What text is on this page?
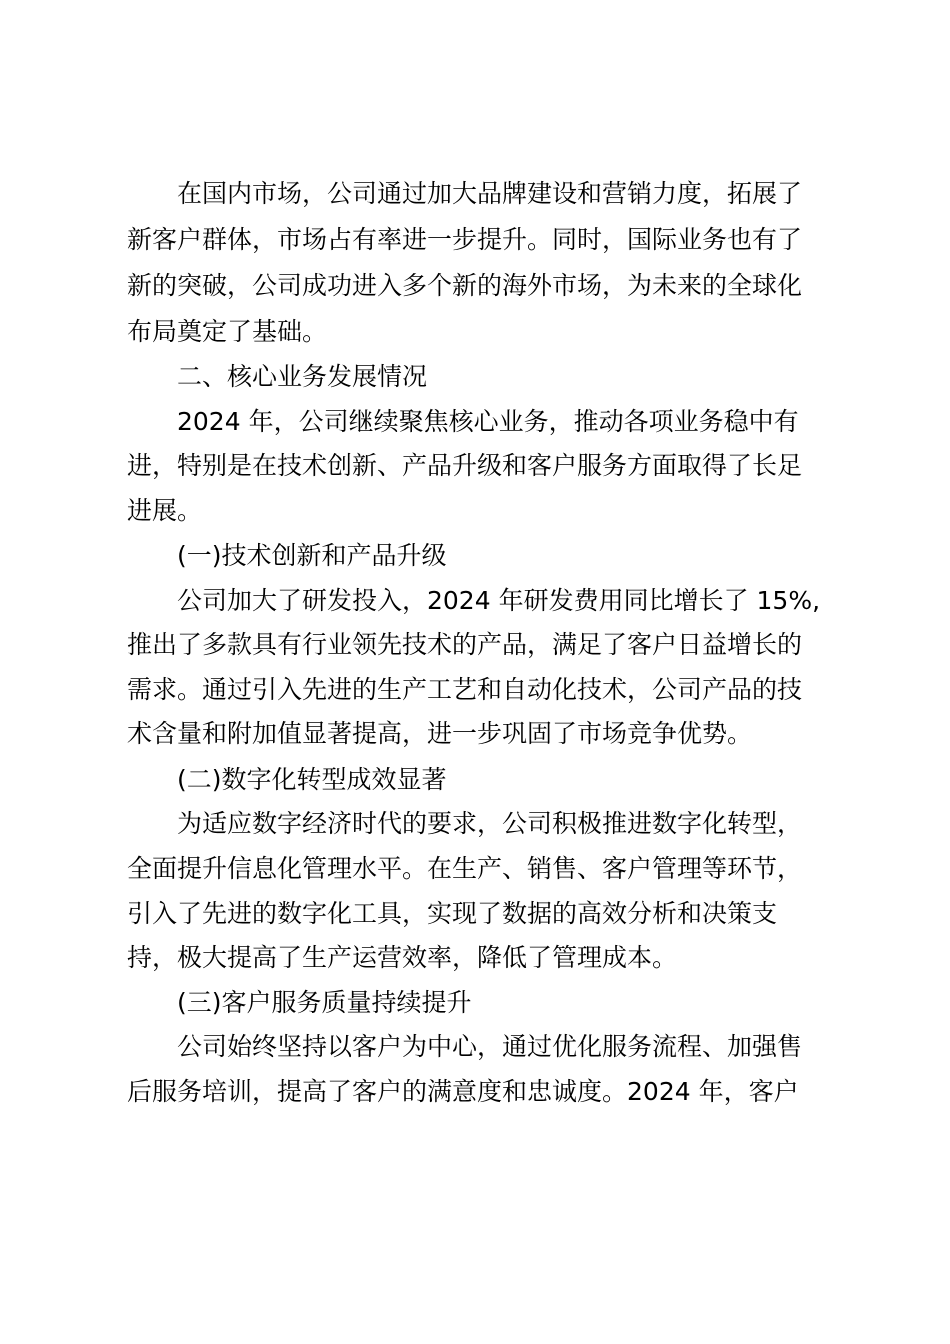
在国内市场，公司通过加大品牌建设和营销力度，拓展了
新客户群体，市场占有率进一步提升。同时，国际业务也有了
新的突破，公司成功进入多个新的海外市场，为未来的全球化
布局奠定了基础。
二、核心业务发展情况
2024 年，公司继续聚焦核心业务，推动各项业务稳中有
进，特别是在技术创新、产品升级和客户服务方面取得了长足
进展。
(一)技术创新和产品升级
公司加大了研发投入，2024 年研发费用同比增长了 15%,
推出了多款具有行业领先技术的产品，满足了客户日益增长的
需求。通过引入先进的生产工艺和自动化技术，公司产品的技
术含量和附加值显著提高，进一步巩固了市场竞争优势。
(二)数字化转型成效显著
为适应数字经济时代的要求，公司积极推进数字化转型，
全面提升信息化管理水平。在生产、销售、客户管理等环节，
引入了先进的数字化工具，实现了数据的高效分析和决策支
持，极大提高了生产运营效率，降低了管理成本。
(三)客户服务质量持续提升
公司始终坚持以客户为中心，通过优化服务流程、加强售
后服务培训，提高了客户的满意度和忠诚度。2024 年，客户
